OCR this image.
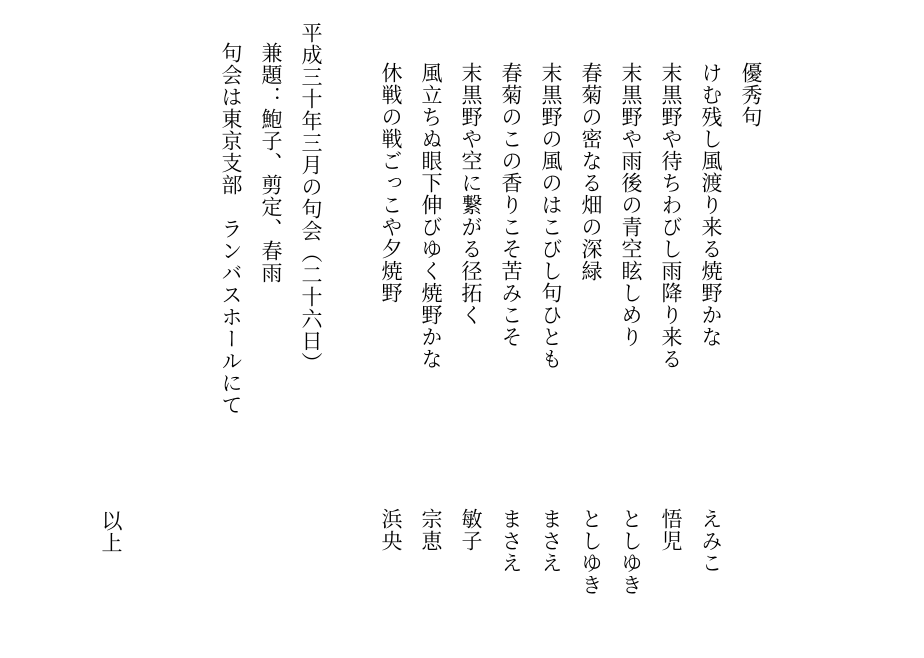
優秀句
けむ残し風渡り来る焼野かな
えみこ
末黒野や待ちわびし雨降り来る
悟児
末黒野や雨後の青空眩しめり
としゆき
春菊の密なる畑の深緑
としゆき
末黒野の風のはこびし句ひとも
まさえ
春菊のこの香りこそ苦みこそ
まさえ
末黒野や空に繋がる径拓く
敏子
風立ちぬ眼下伸びゆく焼野かな
宗恵
休戦の戦ごっこや夕焼野
浜央
平成三十年三月の句会（二十六日）
兼題：鮑子、剪定、春雨
句会は東京支部　ランバスホールにて
以上
